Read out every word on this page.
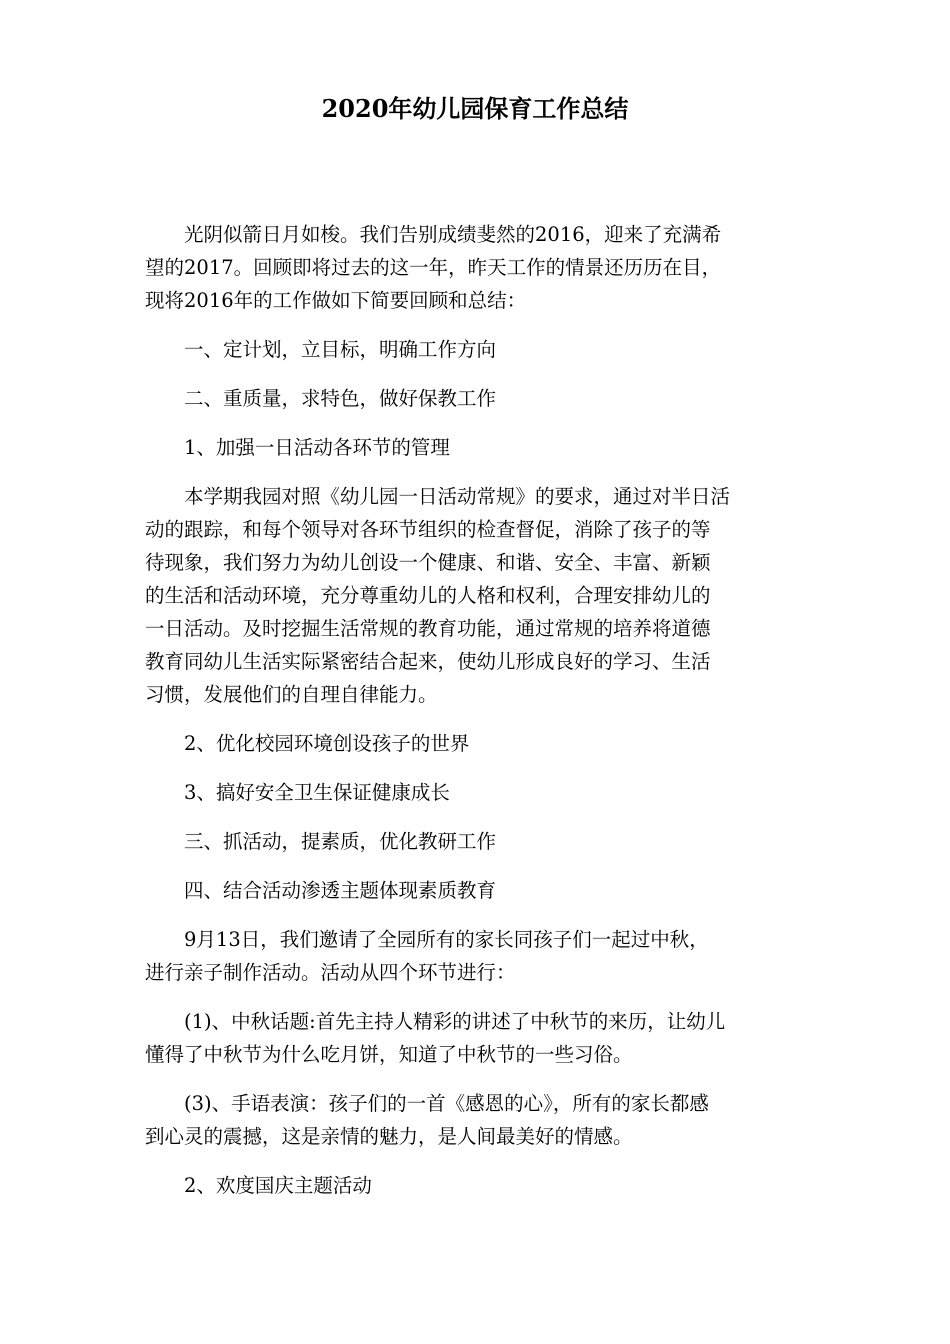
2020年幼儿园保育工作总结

光阴似箭日月如梭。我们告别成绩斐然的2016，迎来了充满希
望的2017。回顾即将过去的这一年，昨天工作的情景还历历在目，
现将2016年的工作做如下简要回顾和总结：

一、定计划，立目标，明确工作方向

二、重质量，求特色，做好保教工作

1、加强一日活动各环节的管理

本学期我园对照《幼儿园一日活动常规》的要求，通过对半日活
动的跟踪，和每个领导对各环节组织的检查督促，消除了孩子的等
待现象，我们努力为幼儿创设一个健康、和谐、安全、丰富、新颖
的生活和活动环境，充分尊重幼儿的人格和权利，合理安排幼儿的
一日活动。及时挖掘生活常规的教育功能，通过常规的培养将道德
教育同幼儿生活实际紧密结合起来，使幼儿形成良好的学习、生活
习惯，发展他们的自理自律能力。

2、优化校园环境创设孩子的世界

3、搞好安全卫生保证健康成长

三、抓活动，提素质，优化教研工作

四、结合活动渗透主题体现素质教育

9月13日，我们邀请了全园所有的家长同孩子们一起过中秋，
进行亲子制作活动。活动从四个环节进行：

(1)、中秋话题:首先主持人精彩的讲述了中秋节的来历，让幼儿
懂得了中秋节为什么吃月饼，知道了中秋节的一些习俗。

(3)、手语表演：孩子们的一首《感恩的心》，所有的家长都感
到心灵的震撼，这是亲情的魅力，是人间最美好的情感。

2、欢度国庆主题活动
